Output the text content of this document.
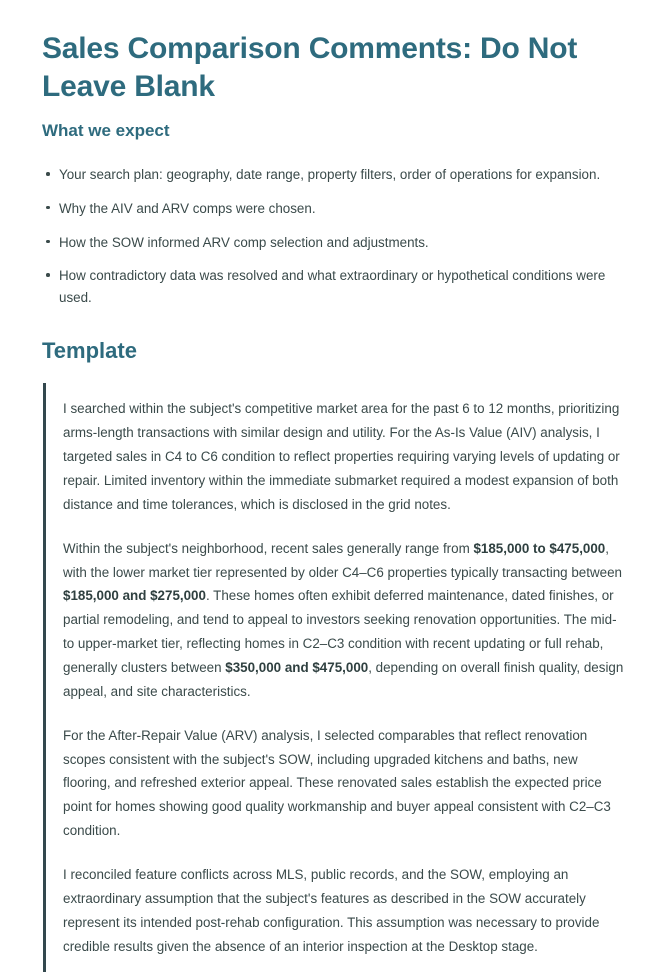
Sales Comparison Comments: Do Not Leave Blank
What we expect
Your search plan: geography, date range, property filters, order of operations for expansion.
Why the AIV and ARV comps were chosen.
How the SOW informed ARV comp selection and adjustments.
How contradictory data was resolved and what extraordinary or hypothetical conditions were used.
Template

I searched within the subject's competitive market area for the past 6 to 12 months, prioritizing arms-length transactions with similar design and utility. For the As-Is Value (AIV) analysis, I targeted sales in C4 to C6 condition to reflect properties requiring varying levels of updating or repair. Limited inventory within the immediate submarket required a modest expansion of both distance and time tolerances, which is disclosed in the grid notes.

Within the subject's neighborhood, recent sales generally range from $185,000 to $475,000, with the lower market tier represented by older C4–C6 properties typically transacting between $185,000 and $275,000. These homes often exhibit deferred maintenance, dated finishes, or partial remodeling, and tend to appeal to investors seeking renovation opportunities. The mid- to upper-market tier, reflecting homes in C2–C3 condition with recent updating or full rehab, generally clusters between $350,000 and $475,000, depending on overall finish quality, design appeal, and site characteristics.

For the After-Repair Value (ARV) analysis, I selected comparables that reflect renovation scopes consistent with the subject's SOW, including upgraded kitchens and baths, new flooring, and refreshed exterior appeal. These renovated sales establish the expected price point for homes showing good quality workmanship and buyer appeal consistent with C2–C3 condition.

I reconciled feature conflicts across MLS, public records, and the SOW, employing an extraordinary assumption that the subject's features as described in the SOW accurately represent its intended post-rehab configuration. This assumption was necessary to provide credible results given the absence of an interior inspection at the Desktop stage.
